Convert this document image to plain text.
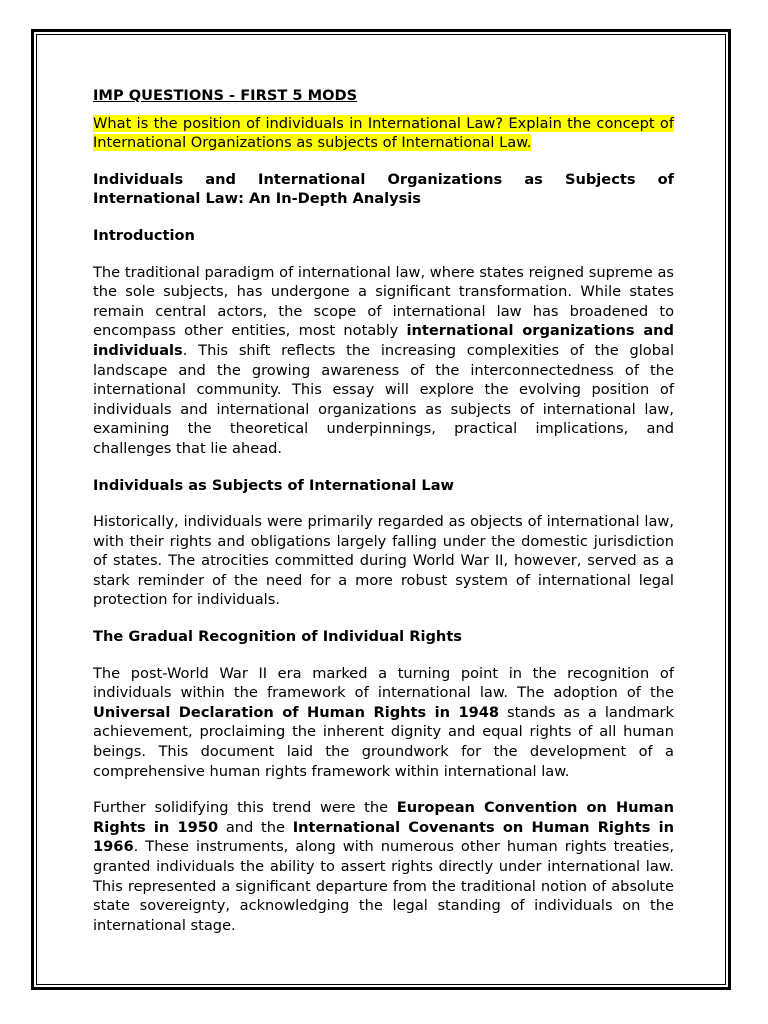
IMP QUESTIONS - FIRST 5 MODS

What is the position of individuals in International Law? Explain the concept of International Organizations as subjects of International Law.

Individuals and International Organizations as Subjects of International Law: An In-Depth Analysis
Introduction

The traditional paradigm of international law, where states reigned supreme as the sole subjects, has undergone a significant transformation. While states remain central actors, the scope of international law has broadened to encompass other entities, most notably international organizations and individuals. This shift reflects the increasing complexities of the global landscape and the growing awareness of the interconnectedness of the international community. This essay will explore the evolving position of individuals and international organizations as subjects of international law, examining the theoretical underpinnings, practical implications, and challenges that lie ahead.

Individuals as Subjects of International Law

Historically, individuals were primarily regarded as objects of international law, with their rights and obligations largely falling under the domestic jurisdiction of states. The atrocities committed during World War II, however, served as a stark reminder of the need for a more robust system of international legal protection for individuals.

The Gradual Recognition of Individual Rights

The post-World War II era marked a turning point in the recognition of individuals within the framework of international law. The adoption of the Universal Declaration of Human Rights in 1948 stands as a landmark achievement, proclaiming the inherent dignity and equal rights of all human beings. This document laid the groundwork for the development of a comprehensive human rights framework within international law.

Further solidifying this trend were the European Convention on Human Rights in 1950 and the International Covenants on Human Rights in 1966. These instruments, along with numerous other human rights treaties, granted individuals the ability to assert rights directly under international law. This represented a significant departure from the traditional notion of absolute state sovereignty, acknowledging the legal standing of individuals on the international stage.
